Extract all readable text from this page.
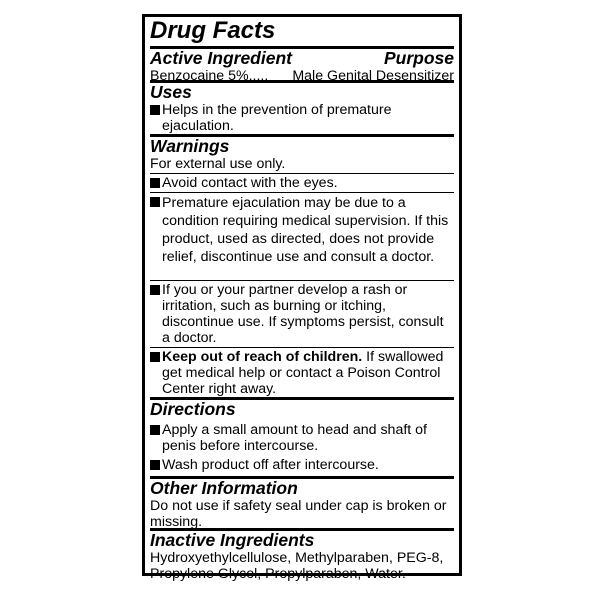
Drug Facts
Active Ingredient	Purpose
Benzocaine 5%..... Male Genital Desensitizer
Uses
Helps in the prevention of premature ejaculation.
Warnings
For external use only.
Avoid contact with the eyes.
Premature ejaculation may be due to a condition requiring medical supervision. If this product, used as directed, does not provide relief, discontinue use and consult a doctor.
If you or your partner develop a rash or irritation, such as burning or itching, discontinue use. If symptoms persist, consult a doctor.
Keep out of reach of children. If swallowed get medical help or contact a Poison Control Center right away.
Directions
Apply a small amount to head and shaft of penis before intercourse.
Wash product off after intercourse.
Other Information
Do not use if safety seal under cap is broken or missing.
Inactive Ingredients
Hydroxyethylcellulose, Methylparaben, PEG-8, Propylene Glycol, Propylparaben, Water.
